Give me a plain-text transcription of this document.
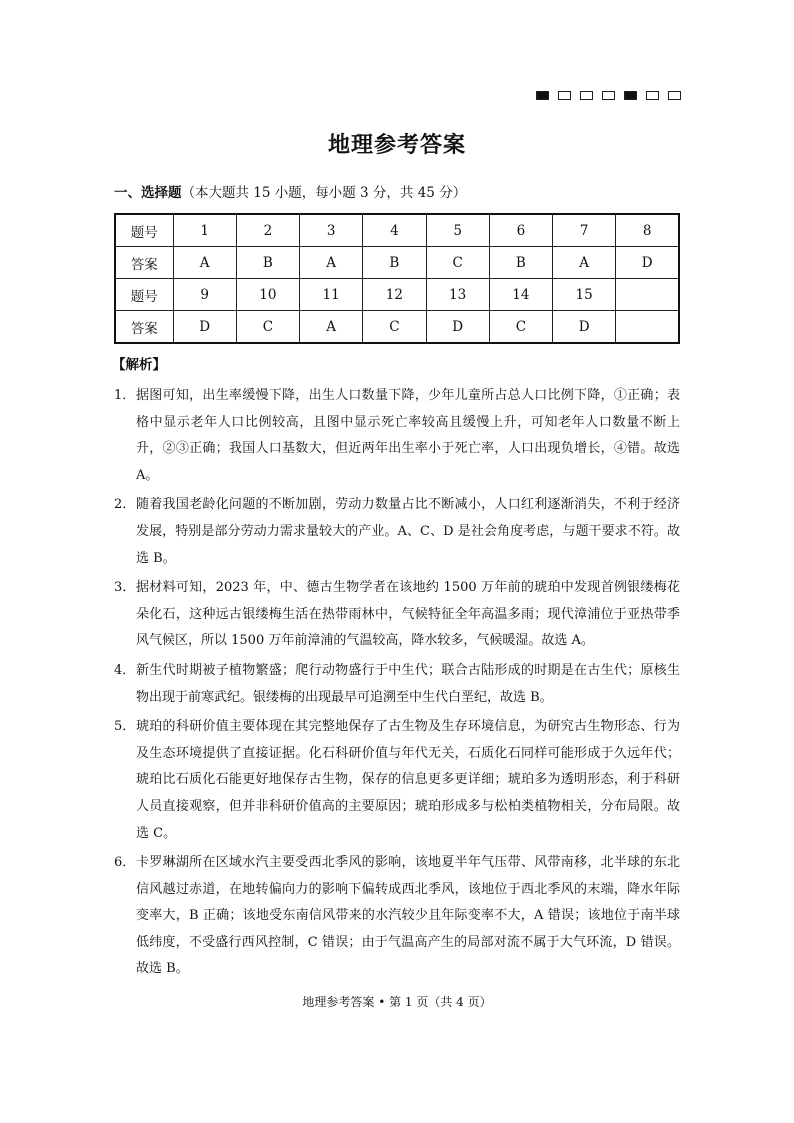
地理参考答案
一、选择题（本大题共 15 小题，每小题 3 分，共 45 分）
题号	1	2	3	4	5	6	7	8
答案	A	B	A	B	C	B	A	D
题号	9	10	11	12	13	14	15	
答案	D	C	A	C	D	C	D	
【解析】
1． 据图可知，出生率缓慢下降，出生人口数量下降，少年儿童所占总人口比例下降，①正确；表格中显示老年人口比例较高，且图中显示死亡率较高且缓慢上升，可知老年人口数量不断上升，②③正确；我国人口基数大，但近两年出生率小于死亡率，人口出现负增长，④错。故选 A。
2． 随着我国老龄化问题的不断加剧，劳动力数量占比不断减小，人口红利逐渐消失，不利于经济发展，特别是部分劳动力需求量较大的产业。A、C、D 是社会角度考虑，与题干要求不符。故选 B。
3． 据材料可知，2023 年，中、德古生物学者在该地约 1500 万年前的琥珀中发现首例银缕梅花朵化石，这种远古银缕梅生活在热带雨林中，气候特征全年高温多雨；现代漳浦位于亚热带季风气候区，所以 1500 万年前漳浦的气温较高，降水较多，气候暖湿。故选 A。
4． 新生代时期被子植物繁盛；爬行动物盛行于中生代；联合古陆形成的时期是在古生代；原核生物出现于前寒武纪。银缕梅的出现最早可追溯至中生代白垩纪，故选 B。
5． 琥珀的科研价值主要体现在其完整地保存了古生物及生存环境信息，为研究古生物形态、行为及生态环境提供了直接证据。化石科研价值与年代无关，石质化石同样可能形成于久远年代；琥珀比石质化石能更好地保存古生物，保存的信息更多更详细；琥珀多为透明形态，利于科研人员直接观察，但并非科研价值高的主要原因；琥珀形成多与松柏类植物相关，分布局限。故选 C。
6． 卡罗琳湖所在区域水汽主要受西北季风的影响，该地夏半年气压带、风带南移，北半球的东北信风越过赤道，在地转偏向力的影响下偏转成西北季风，该地位于西北季风的末端，降水年际变率大，B 正确；该地受东南信风带来的水汽较少且年际变率不大，A 错误；该地位于南半球低纬度，不受盛行西风控制，C 错误；由于气温高产生的局部对流不属于大气环流，D 错误。故选 B。
地理参考答案 • 第 1 页（共 4 页）
